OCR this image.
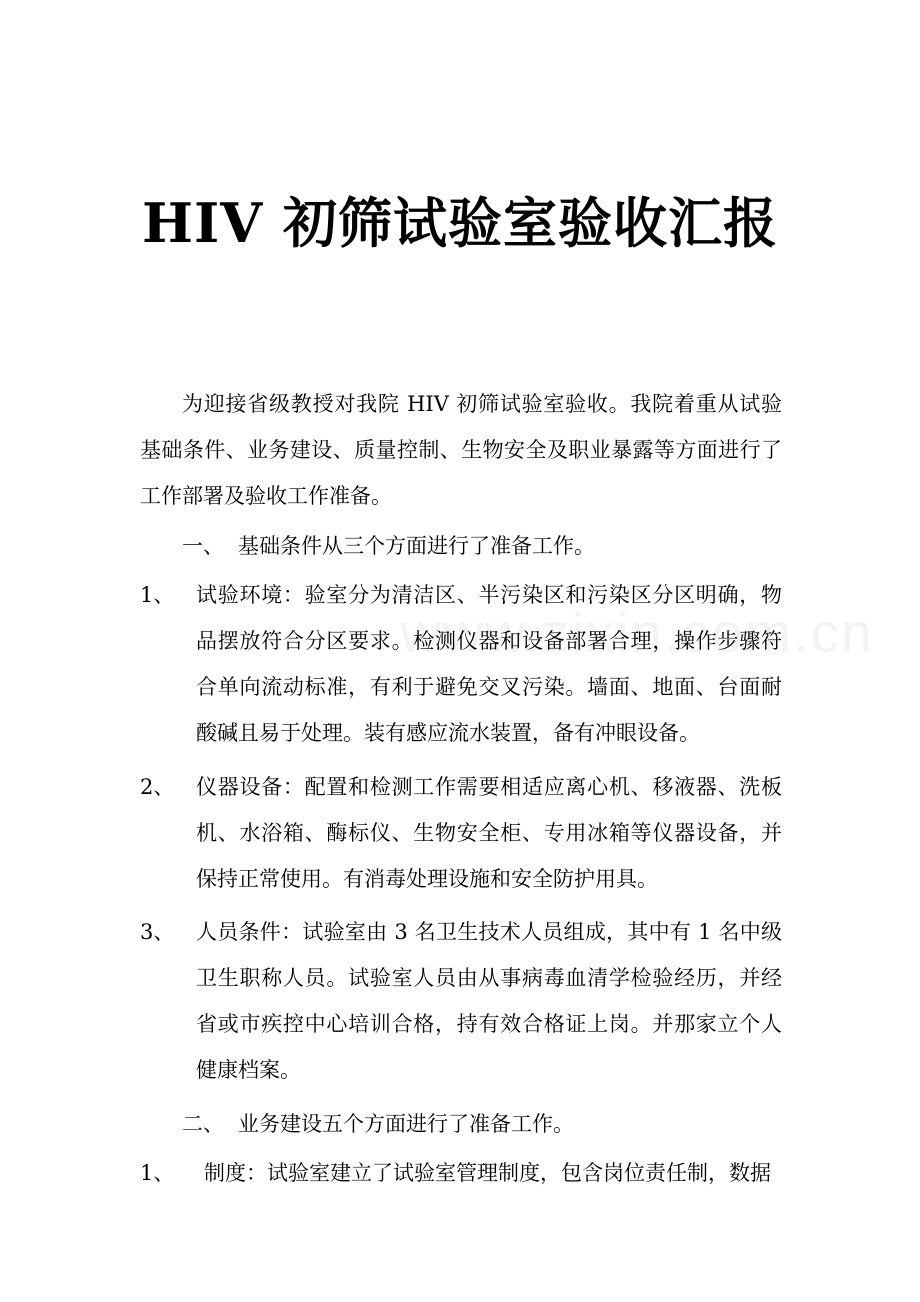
HIV 初筛试验室验收汇报
为迎接省级教授对我院 HIV 初筛试验室验收。我院着重从试验基础条件、业务建设、质量控制、生物安全及职业暴露等方面进行了工作部署及验收工作准备。
一、 基础条件从三个方面进行了准备工作。
1、 试验环境：验室分为清洁区、半污染区和污染区分区明确，物品摆放符合分区要求。检测仪器和设备部署合理，操作步骤符合单向流动标准，有利于避免交叉污染。墙面、地面、台面耐酸碱且易于处理。装有感应流水装置，备有冲眼设备。
2、 仪器设备：配置和检测工作需要相适应离心机、移液器、洗板机、水浴箱、酶标仪、生物安全柜、专用冰箱等仪器设备，并保持正常使用。有消毒处理设施和安全防护用具。
3、 人员条件：试验室由 3 名卫生技术人员组成，其中有 1 名中级卫生职称人员。试验室人员由从事病毒血清学检验经历，并经省或市疾控中心培训合格，持有效合格证上岗。并那家立个人健康档案。
二、 业务建设五个方面进行了准备工作。
1、 制度：试验室建立了试验室管理制度，包含岗位责任制，数据
